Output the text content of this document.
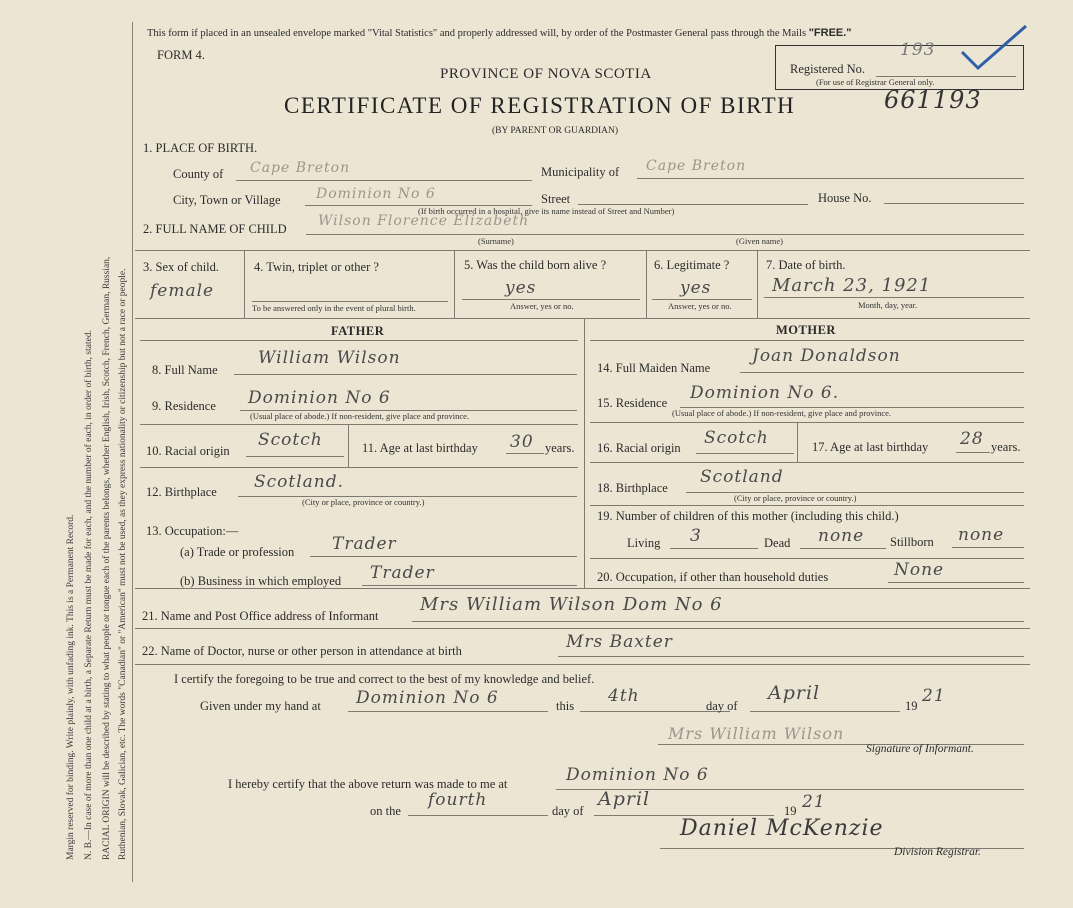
Margin reserved for binding. Write plainly, with unfading ink. This is a Permanent Record. N. B.—In case of more than one child at a birth, a Separate Return must be made for each, and the number of each, in order of birth, stated. RACIAL ORIGIN will be described by stating to what people or tongue each of the parents belongs, whether English, Irish, Scotch, French, German, Russian, Ruthenian, Slovak, Galician, etc. The words "Canadian" or "American" must not be used, as they express nationality or citizenship but not a race or people.
This form if placed in an unsealed envelope marked "Vital Statistics" and properly addressed will, by order of the Postmaster General pass through the Mails "FREE."
FORM 4.
PROVINCE OF NOVA SCOTIA
CERTIFICATE OF REGISTRATION OF BIRTH
(BY PARENT OR GUARDIAN)
661193
Registered No.
(For use of Registrar General only.
193
1. PLACE OF BIRTH.
County of Cape Breton	Municipality of Cape Breton
City, Town or Village	Dominion No 6	Street	House No.
(If birth occurred in a hospital, give its name instead of Street and Number)
2. FULL NAME OF CHILD Wilson Florence Elizabeth
(Surname)	(Given name)
3. Sex of child.
female
4. Twin, triplet or other ?
To be answered only in the event of plural birth.
5. Was the child born alive ?
yes
Answer, yes or no.
6. Legitimate ?
yes
Answer, yes or no.
7. Date of birth.
March 23, 1921
Month, day, year.
FATHER
8. Full Name
William Wilson
9. Residence Dominion No 6
(Usual place of abode.) If non-resident, give place and province.
10. Racial origin
Scotch	11. Age at last birthday 30 years.
12. Birthplace Scotland.
(City or place, province or country.)
13. Occupation:—
(a) Trade or profession Trader
(b) Business in which employed Trader
MOTHER
14. Full Maiden Name
Joan Donaldson
15. Residence Dominion No 6.
(Usual place of abode.) If non-resident, give place and province.
16. Racial origin Scotch	17. Age at last birthday 28 years.
18. Birthplace
Scotland
(City or place, province or country.)
19. Number of children of this mother (including this child.)
Living 3	Dead none Stillborn none
20. Occupation, if other than household duties	None
21. Name and Post Office address of Informant
Mrs William Wilson Dom No 6
22. Name of Doctor, nurse or other person in attendance at birth	Mrs Baxter
I certify the foregoing to be true and correct to the best of my knowledge and belief.
Given under my hand at Dominion No 6	this 4th	day of
April
19 21
Mrs William Wilson
Signature of Informant.
I hereby certify that the above return was made to me at	Dominion No 6
on the
fourth
day of
April
19 21
Daniel McKenzie
Division Registrar.
